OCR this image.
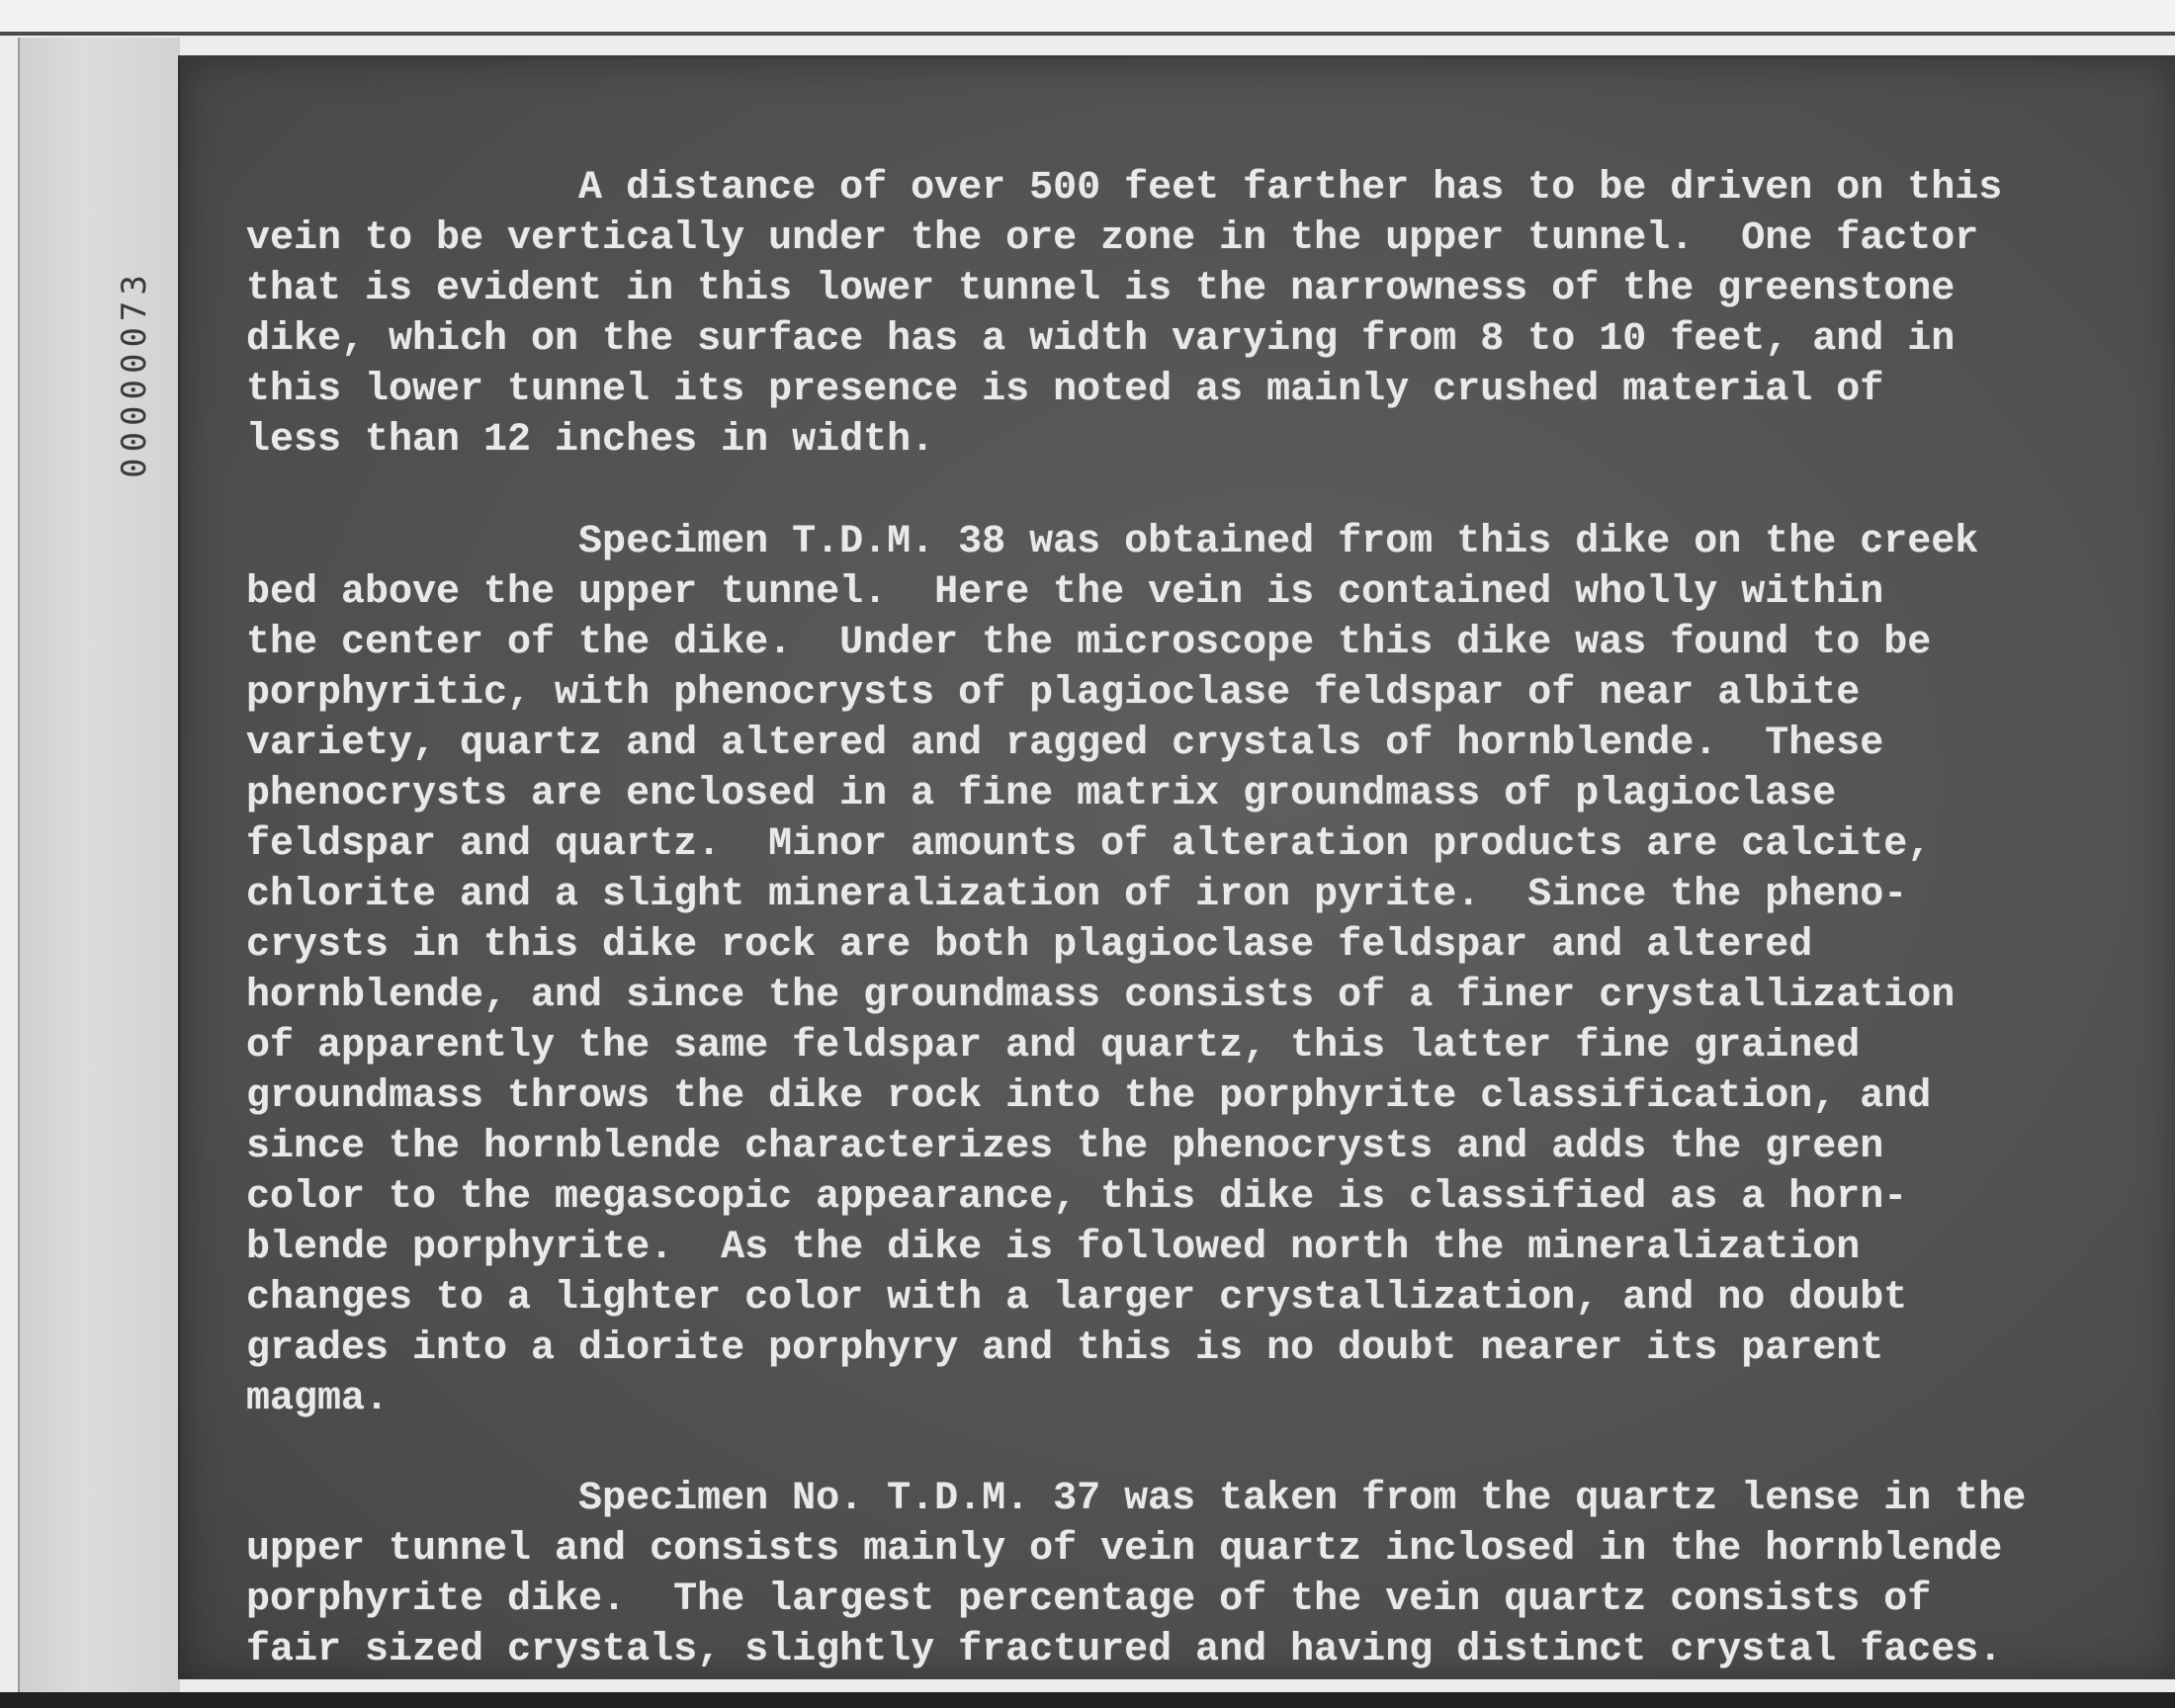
00000073
A distance of over 500 feet farther has to be driven on this
vein to be vertically under the ore zone in the upper tunnel.  One factor
that is evident in this lower tunnel is the narrowness of the greenstone
dike, which on the surface has a width varying from 8 to 10 feet, and in
this lower tunnel its presence is noted as mainly crushed material of
less than 12 inches in width.
Specimen T.D.M. 38 was obtained from this dike on the creek
bed above the upper tunnel.  Here the vein is contained wholly within
the center of the dike.  Under the microscope this dike was found to be
porphyritic, with phenocrysts of plagioclase feldspar of near albite
variety, quartz and altered and ragged crystals of hornblende.  These
phenocrysts are enclosed in a fine matrix groundmass of plagioclase
feldspar and quartz.  Minor amounts of alteration products are calcite,
chlorite and a slight mineralization of iron pyrite.  Since the pheno-
crysts in this dike rock are both plagioclase feldspar and altered
hornblende, and since the groundmass consists of a finer crystallization
of apparently the same feldspar and quartz, this latter fine grained
groundmass throws the dike rock into the porphyrite classification, and
since the hornblende characterizes the phenocrysts and adds the green
color to the megascopic appearance, this dike is classified as a horn-
blende porphyrite.  As the dike is followed north the mineralization
changes to a lighter color with a larger crystallization, and no doubt
grades into a diorite porphyry and this is no doubt nearer its parent
magma.
Specimen No. T.D.M. 37 was taken from the quartz lense in the
upper tunnel and consists mainly of vein quartz inclosed in the hornblende
porphyrite dike.  The largest percentage of the vein quartz consists of
fair sized crystals, slightly fractured and having distinct crystal faces.
